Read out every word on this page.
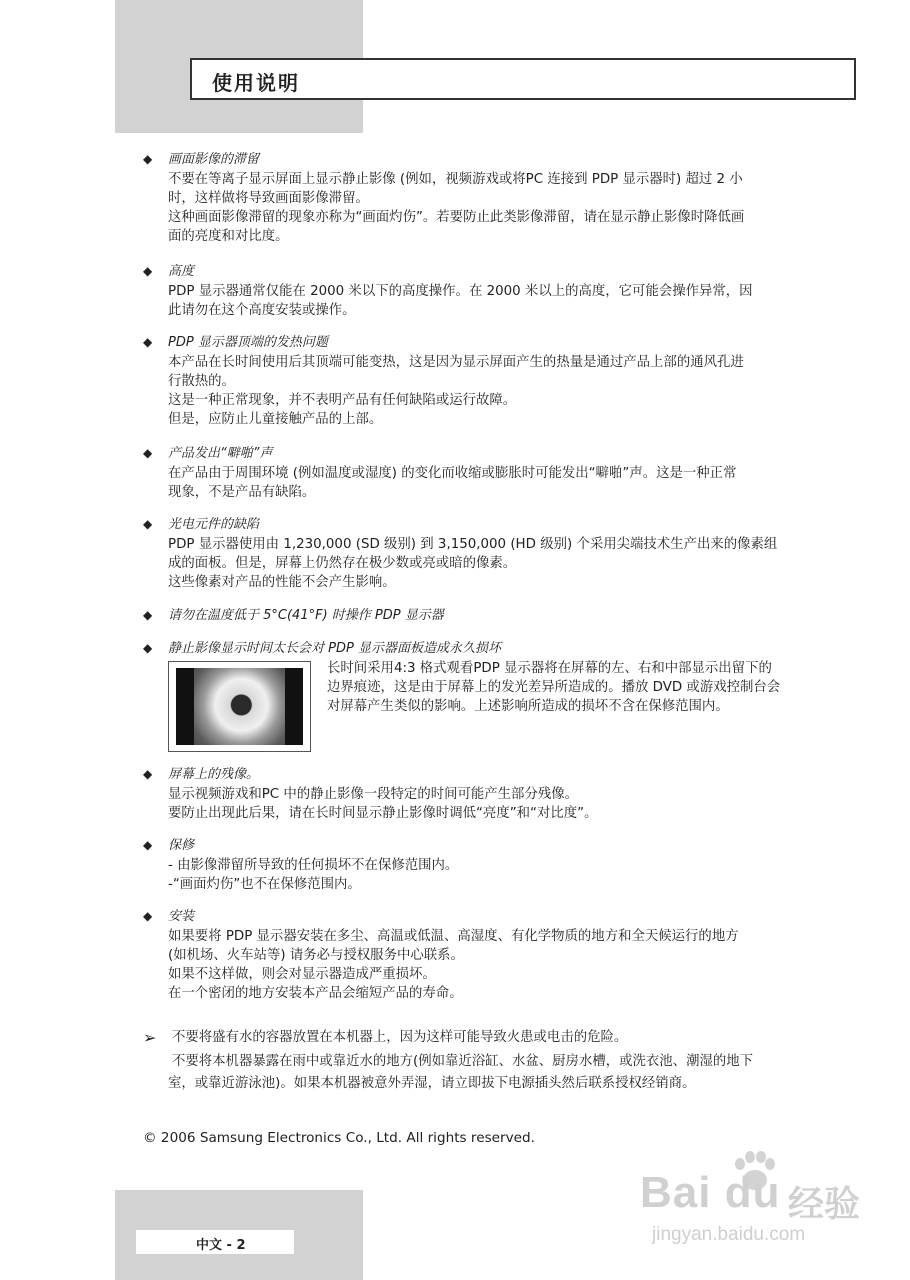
使用说明
◆ 画面影像的滞留
不要在等离子显示屏面上显示静止影像 (例如，视频游戏或将PC 连接到 PDP 显示器时) 超过 2 小
时，这样做将导致画面影像滞留。
这种画面影像滞留的现象亦称为“画面灼伤”。若要防止此类影像滞留，请在显示静止影像时降低画
面的亮度和对比度。
◆ 高度
PDP 显示器通常仅能在 2000 米以下的高度操作。在 2000 米以上的高度，它可能会操作异常，因
此请勿在这个高度安装或操作。
◆ PDP 显示器顶端的发热问题
本产品在长时间使用后其顶端可能变热，这是因为显示屏面产生的热量是通过产品上部的通风孔进
行散热的。
这是一种正常现象，并不表明产品有任何缺陷或运行故障。
但是，应防止儿童接触产品的上部。
◆ 产品发出“噼啪”声
在产品由于周围环境 (例如温度或湿度) 的变化而收缩或膨胀时可能发出“噼啪”声。这是一种正常
现象，不是产品有缺陷。
◆ 光电元件的缺陷
PDP 显示器使用由 1,230,000 (SD 级别) 到 3,150,000 (HD 级别) 个采用尖端技术生产出来的像素组
成的面板。但是，屏幕上仍然存在极少数或亮或暗的像素。
这些像素对产品的性能不会产生影响。
◆ 请勿在温度低于 5°C(41°F) 时操作 PDP 显示器
◆ 静止影像显示时间太长会对 PDP 显示器面板造成永久损坏
长时间采用4:3 格式观看PDP 显示器将在屏幕的左、右和中部显示出留下的
边界痕迹，这是由于屏幕上的发光差异所造成的。播放 DVD 或游戏控制台会
对屏幕产生类似的影响。上述影响所造成的损坏不含在保修范围内。
◆ 屏幕上的残像。
显示视频游戏和PC 中的静止影像一段特定的时间可能产生部分残像。
要防止出现此后果，请在长时间显示静止影像时调低“亮度”和“对比度”。
◆ 保修
- 由影像滞留所导致的任何损坏不在保修范围内。
-“画面灼伤”也不在保修范围内。
◆ 安装
如果要将 PDP 显示器安装在多尘、高温或低温、高湿度、有化学物质的地方和全天候运行的地方
(如机场、火车站等) 请务必与授权服务中心联系。
如果不这样做，则会对显示器造成严重损坏。
在一个密闭的地方安装本产品会缩短产品的寿命。
➢ 不要将盛有水的容器放置在本机器上，因为这样可能导致火患或电击的危险。
不要将本机器暴露在雨中或靠近水的地方(例如靠近浴缸、水盆、厨房水槽，或洗衣池、潮湿的地下
室，或靠近游泳池)。如果本机器被意外弄湿，请立即拔下电源插头然后联系授权经销商。
© 2006 Samsung Electronics Co., Ltd. All rights reserved.
中文 - 2
Bai du 经验
jingyan.baidu.com
